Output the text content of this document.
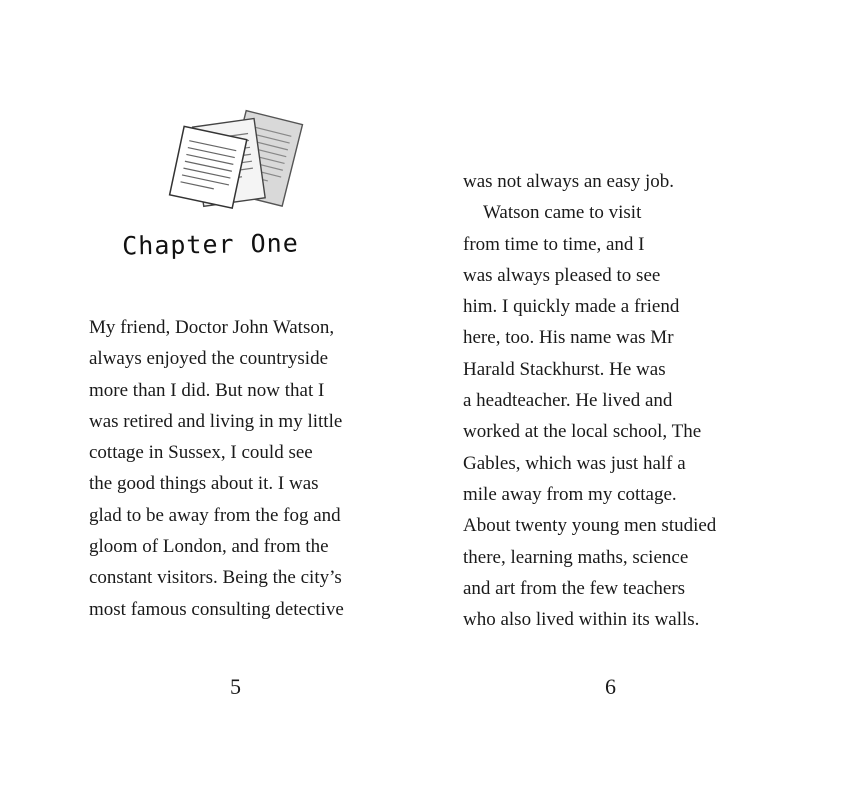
Chapter One
My friend, Doctor John Watson,
always enjoyed the countryside
more than I did. But now that I
was retired and living in my little
cottage in Sussex, I could see
the good things about it. I was
glad to be away from the fog and
gloom of London, and from the
constant visitors. Being the city’s
most famous consulting detective
5
was not always an easy job.
Watson came to visit
from time to time, and I
was always pleased to see
him. I quickly made a friend
here, too. His name was Mr
Harald Stackhurst. He was
a headteacher. He lived and
worked at the local school, The
Gables, which was just half a
mile away from my cottage.
About twenty young men studied
there, learning maths, science
and art from the few teachers
who also lived within its walls.
6
